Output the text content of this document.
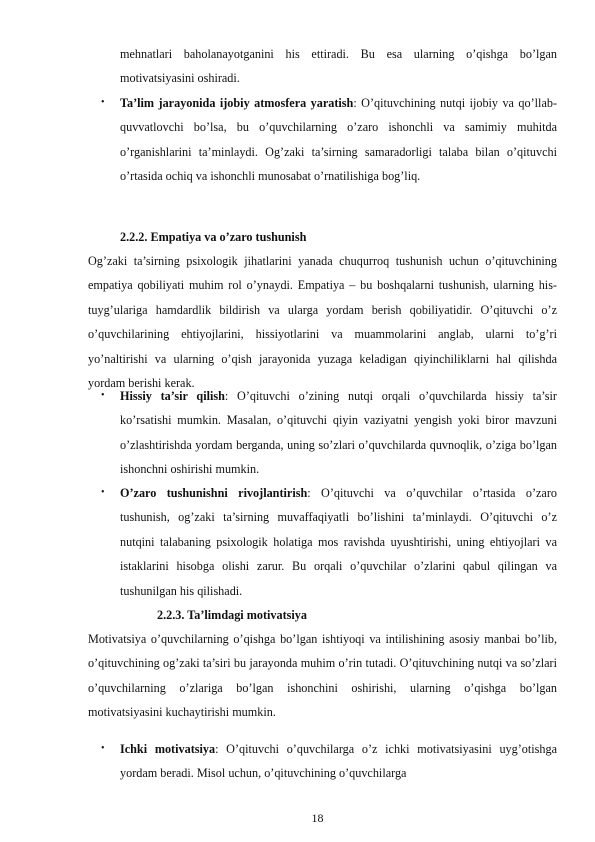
mehnatlari baholanayotganini his ettiradi. Bu esa ularning o’qishga bo’lgan motivatsiyasini oshiradi.

• Ta’lim jarayonida ijobiy atmosfera yaratish: O’qituvchining nutqi ijobiy va qo’llab-quvvatlovchi bo’lsa, bu o’quvchilarning o’zaro ishonchli va samimiy muhitda o’rganishlarini ta’minlaydi. Og’zaki ta’sirning samaradorligi talaba bilan o’qituvchi o’rtasida ochiq va ishonchli munosabat o’rnatilishiga bog’liq.

2.2.2. Empatiya va o’zaro tushunish

Og’zaki ta’sirning psixologik jihatlarini yanada chuqurroq tushunish uchun o’qituvchining empatiya qobiliyati muhim rol o’ynaydi. Empatiya – bu boshqalarni tushunish, ularning his-tuyg’ulariga hamdardlik bildirish va ularga yordam berish qobiliyatidir. O’qituvchi o’z o’quvchilarining ehtiyojlarini, hissiyotlarini va muammolarini anglab, ularni to’g’ri yo’naltirishi va ularning o’qish jarayonida yuzaga keladigan qiyinchiliklarni hal qilishda yordam berishi kerak.

• Hissiy ta’sir qilish: O’qituvchi o’zining nutqi orqali o’quvchilarda hissiy ta’sir ko’rsatishi mumkin. Masalan, o’qituvchi qiyin vaziyatni yengish yoki biror mavzuni o’zlashtirishda yordam berganda, uning so’zlari o’quvchilarda quvnoqlik, o’ziga bo’lgan ishonchni oshirishi mumkin.

• O’zaro tushunishni rivojlantirish: O’qituvchi va o’quvchilar o’rtasida o’zaro tushunish, og’zaki ta’sirning muvaffaqiyatli bo’lishini ta’minlaydi. O’qituvchi o’z nutqini talabaning psixologik holatiga mos ravishda uyushtirishi, uning ehtiyojlari va istaklarini hisobga olishi zarur. Bu orqali o’quvchilar o’zlarini qabul qilingan va tushunilgan his qilishadi.

2.2.3. Ta’limdagi motivatsiya

Motivatsiya o’quvchilarning o’qishga bo’lgan ishtiyoqi va intilishining asosiy manbai bo’lib, o’qituvchining og’zaki ta’siri bu jarayonda muhim o’rin tutadi. O’qituvchining nutqi va so’zlari o’quvchilarning o’zlariga bo’lgan ishonchini oshirishi, ularning o’qishga bo’lgan motivatsiyasini kuchaytirishi mumkin.

• Ichki motivatsiya: O’qituvchi o’quvchilarga o’z ichki motivatsiyasini uyg’otishga yordam beradi. Misol uchun, o’qituvchining o’quvchilarga

18
